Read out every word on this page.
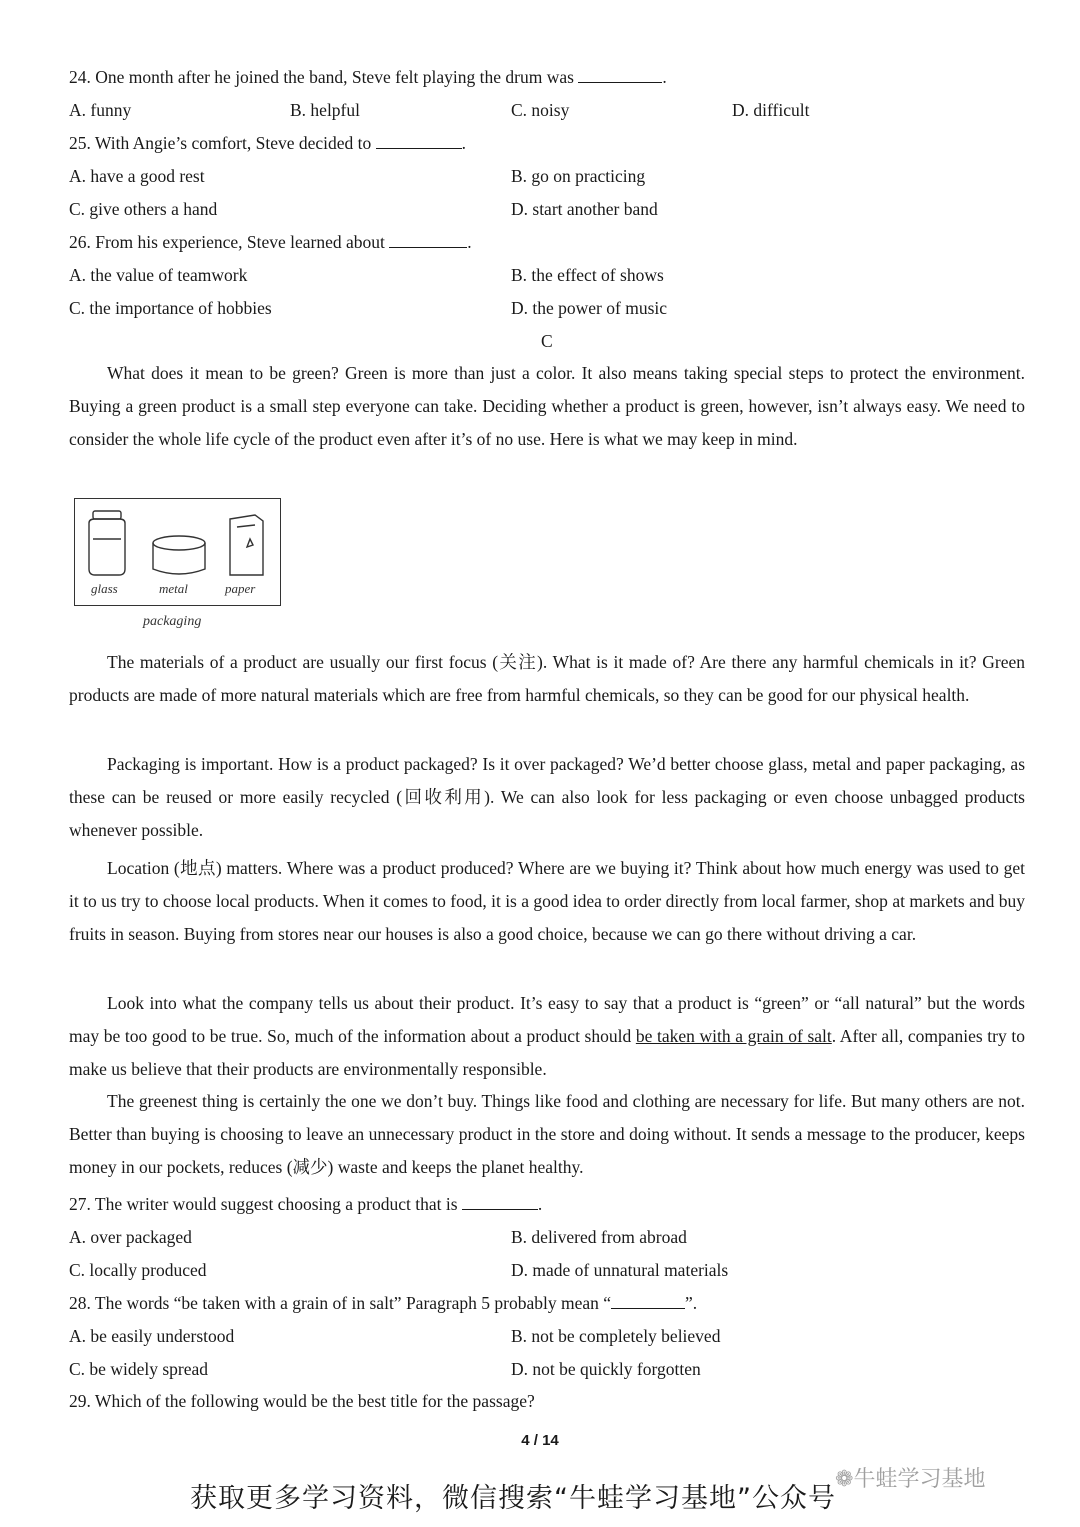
24. One month after he joined the band, Steve felt playing the drum was	.
A. funny	B. helpful	C. noisy	D. difficult
25. With Angie’s comfort, Steve decided to	.
A. have a good rest	B. go on practicing
C. give others a hand	D. start another band
26. From his experience, Steve learned about	.
A. the value of teamwork	B. the effect of shows
C. the importance of hobbies	D. the power of music
C
What does it mean to be green? Green is more than just a color. It also means taking special steps to protect the environment. Buying a green product is a small step everyone can take. Deciding whether a product is green, however, isn’t always easy. We need to consider the whole life cycle of the product even after it’s of no use. Here is what we may keep in mind.
glass	metal	paper
packaging
The materials of a product are usually our first focus (关注). What is it made of? Are there any harmful chemicals in it? Green products are made of more natural materials which are free from harmful chemicals, so they can be good for our physical health.
Packaging is important. How is a product packaged? Is it over packaged? We’d better choose glass, metal and paper packaging, as these can be reused or more easily recycled (回收利用). We can also look for less packaging or even choose unbagged products whenever possible.
Location (地点) matters. Where was a product produced? Where are we buying it? Think about how much energy was used to get it to us try to choose local products. When it comes to food, it is a good idea to order directly from local farmer, shop at markets and buy fruits in season. Buying from stores near our houses is also a good choice, because we can go there without driving a car.
Look into what the company tells us about their product. It’s easy to say that a product is “green” or “all natural” but the words may be too good to be true. So, much of the information about a product should be taken with a grain of salt. After all, companies try to make us believe that their products are environmentally responsible.
The greenest thing is certainly the one we don’t buy. Things like food and clothing are necessary for life. But many others are not. Better than buying is choosing to leave an unnecessary product in the store and doing without. It sends a message to the producer, keeps money in our pockets, reduces (减少) waste and keeps the planet healthy.
27. The writer would suggest choosing a product that is	.
A. over packaged	B. delivered from abroad
C. locally produced	D. made of unnatural materials
28. The words “be taken with a grain of in salt” Paragraph 5 probably mean “	”.
A. be easily understood	B. not be completely believed
C. be widely spread	D. not be quickly forgotten
29. Which of the following would be the best title for the passage?
4 / 14
获取更多学习资料，微信搜索“牛蛙学习基地”公众号
❁牛蛙学习基地
